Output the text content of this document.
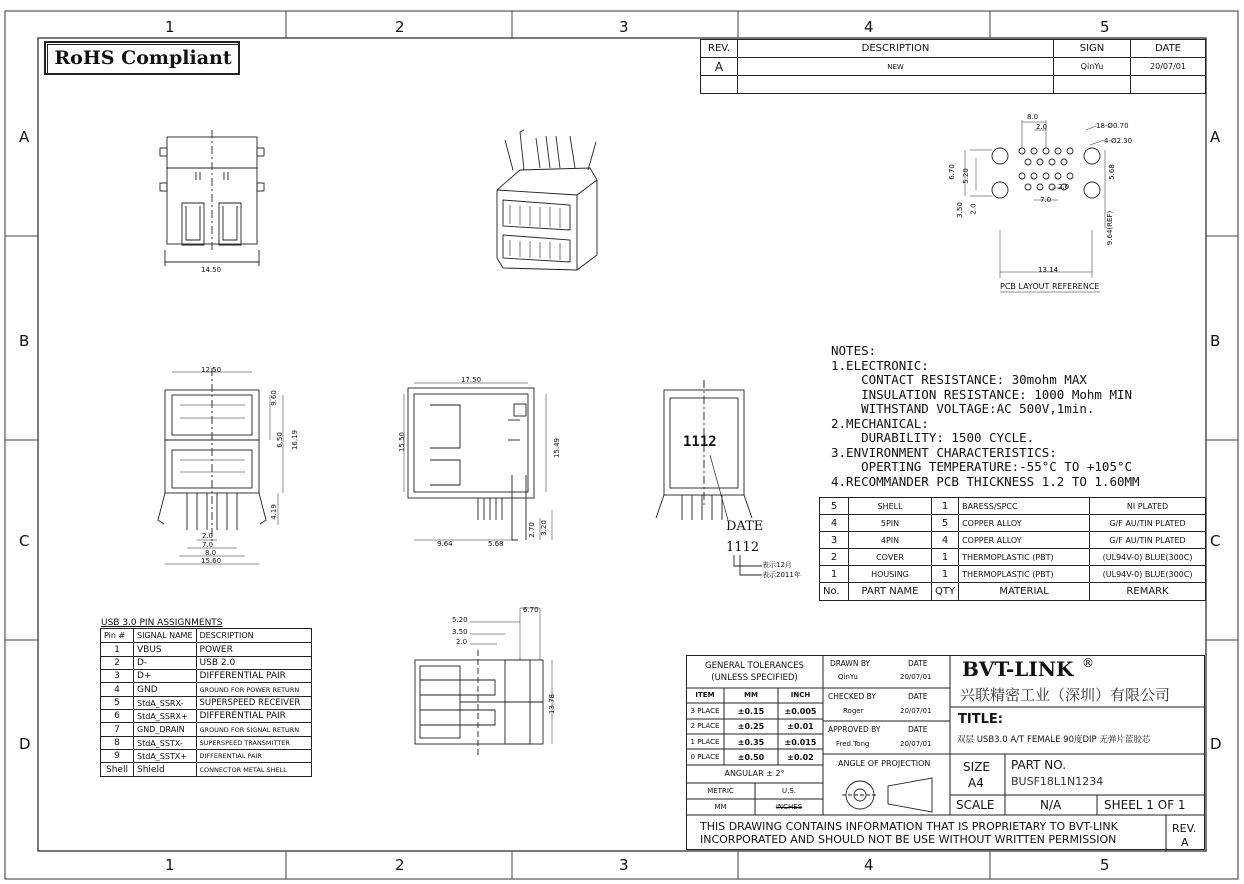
1	2	3	4	5
1	2	3	4	5
A
B
C
D
A
B
C
D
RoHS Compliant	REV.	DESCRIPTION	SIGN	DATE
A	NEW	QinYu	20/07/01

14.50
8.0
2.0	18-Ø0.70
4-Ø2.30
6.70 5.20	5.68
3.50 2.0
2.0
7.0
9.64(REF)
13.14
PCB LAYOUT REFERENCE
12.50
9.60
6.50 16.19
4.19
2.0
7.0
8.0
15.60
17.50
15.50	15.49
9.64	5.68
2.70 3.20
1112
DATE
1112
表示12月
表示2011年
5.20
3.50
2.0
6.70
13.78
NOTES:
1.ELECTRONIC:
CONTACT RESISTANCE: 30mohm MAX
INSULATION RESISTANCE: 1000 Mohm MIN
WITHSTAND VOLTAGE:AC 500V,1min.
2.MECHANICAL:
DURABILITY: 1500 CYCLE.
3.ENVIRONMENT CHARACTERISTICS:
OPERTING TEMPERATURE:-55°C TO +105°C
4.RECOMMANDER PCB THICKNESS 1.2 TO 1.60MM
5	SHELL	1	BARESS/SPCC	NI PLATED
4	5PIN	5	COPPER ALLOY	G/F AU/TIN PLATED
3	4PIN	4	COPPER ALLOY	G/F AU/TIN PLATED
2	COVER	1	THERMOPLASTIC (PBT)	(UL94V-0) BLUE(300C)
1	HOUSING	1	THERMOPLASTIC (PBT)	(UL94V-0) BLUE(300C)
No.	PART NAME	QTY	MATERIAL	REMARK
USB 3.0 PIN ASSIGNMENTS
Pin #	SIGNAL NAME	DESCRIPTION
1	VBUS	POWER
2	D-	USB 2.0
3	D+	DIFFERENTIAL PAIR
4	GND	GROUND FOR POWER RETURN
5	StdA_SSRX-	SUPERSPEED RECEIVER
6	StdA_SSRX+	DIFFERENTIAL PAIR
7	GND_DRAIN	GROUND FOR SIGNAL RETURN
8	StdA_SSTX-	SUPERSPEED TRANSMITTER
9	StdA_SSTX+	DIFFERENTIAL PAIR
Shell	Shield	CONNECTOR METAL SHELL
GENERAL TOLERANCES
(UNLESS SPECIFIED)
ITEM	MM	INCH
3 PLACE	±0.15	±0.005
2 PLACE	±0.25	±0.01
1 PLACE	±0.35	±0.015
0 PLACE	±0.50	±0.02
ANGULAR ± 2°
METRIC	U.S.
MM	INCHES
DRAWN BY	DATE
QinYu	20/07/01
CHECKED BY	DATE
Roger	20/07/01
APPROVED BY	DATE
Fred.Tong	20/07/01
ANGLE OF PROJECTION
BVT-LINK ®
兴联精密工业（深圳）有限公司
TITLE:
双层 USB3.0 A/T FEMALE 90度DIP 无弹片蓝胶芯
SIZE
A4
PART NO.
BUSF18L1N1234
SCALE	N/A	SHEEL 1 OF 1
THIS DRAWING CONTAINS INFORMATION THAT IS PROPRIETARY TO BVT-LINK
INCORPORATED AND SHOULD NOT BE USE WITHOUT WRITTEN PERMISSION
REV.
A
